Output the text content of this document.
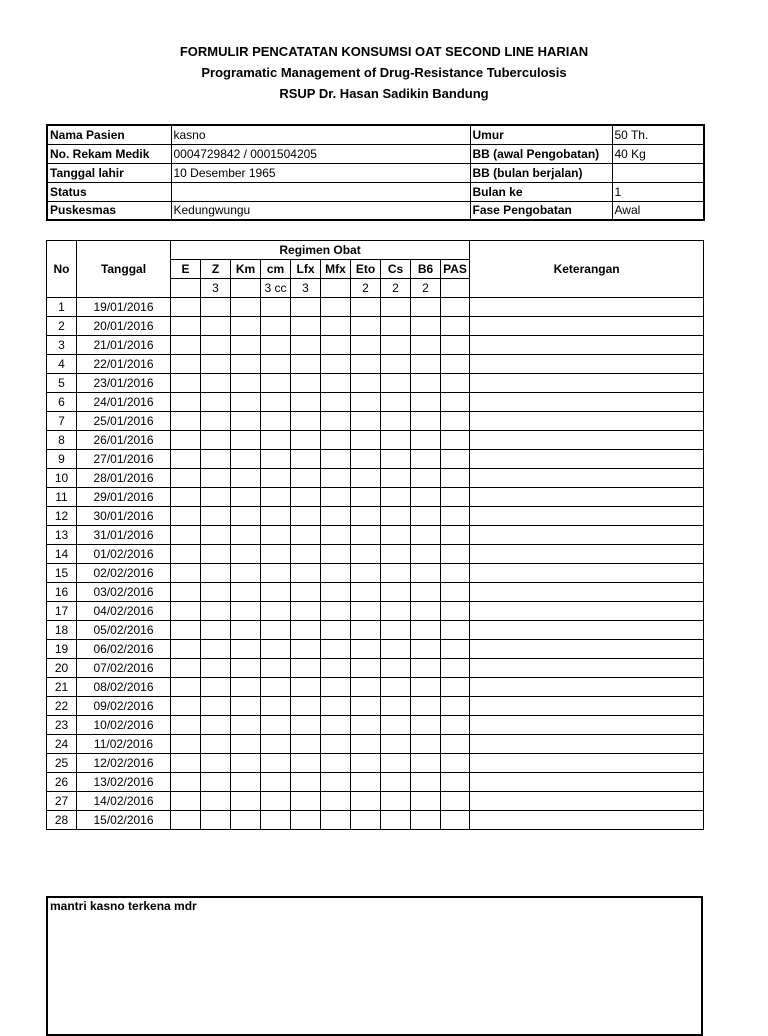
FORMULIR PENCATATAN KONSUMSI OAT SECOND LINE HARIAN
Programatic Management of Drug-Resistance Tuberculosis
RSUP Dr. Hasan Sadikin Bandung
Nama Pasien	kasno	Umur	50 Th.
No. Rekam Medik	0004729842 / 0001504205	BB (awal Pengobatan)	40 Kg
Tanggal lahir	10 Desember 1965	BB (bulan berjalan)	
Status		Bulan ke	1
Puskesmas	Kedungwungu	Fase Pengobatan	Awal
No	Tanggal	Regimen Obat										Keterangan
		E	Z	Km	cm	Lfx	Mfx	Eto	Cs	B6	PAS	
			3		3 cc	3		2	2	2		
1	19/01/2016											
2	20/01/2016											
3	21/01/2016											
4	22/01/2016											
5	23/01/2016											
6	24/01/2016											
7	25/01/2016											
8	26/01/2016											
9	27/01/2016											
10	28/01/2016											
11	29/01/2016											
12	30/01/2016											
13	31/01/2016											
14	01/02/2016											
15	02/02/2016											
16	03/02/2016											
17	04/02/2016											
18	05/02/2016											
19	06/02/2016											
20	07/02/2016											
21	08/02/2016											
22	09/02/2016											
23	10/02/2016											
24	11/02/2016											
25	12/02/2016											
26	13/02/2016											
27	14/02/2016											
28	15/02/2016											
mantri kasno terkena mdr
